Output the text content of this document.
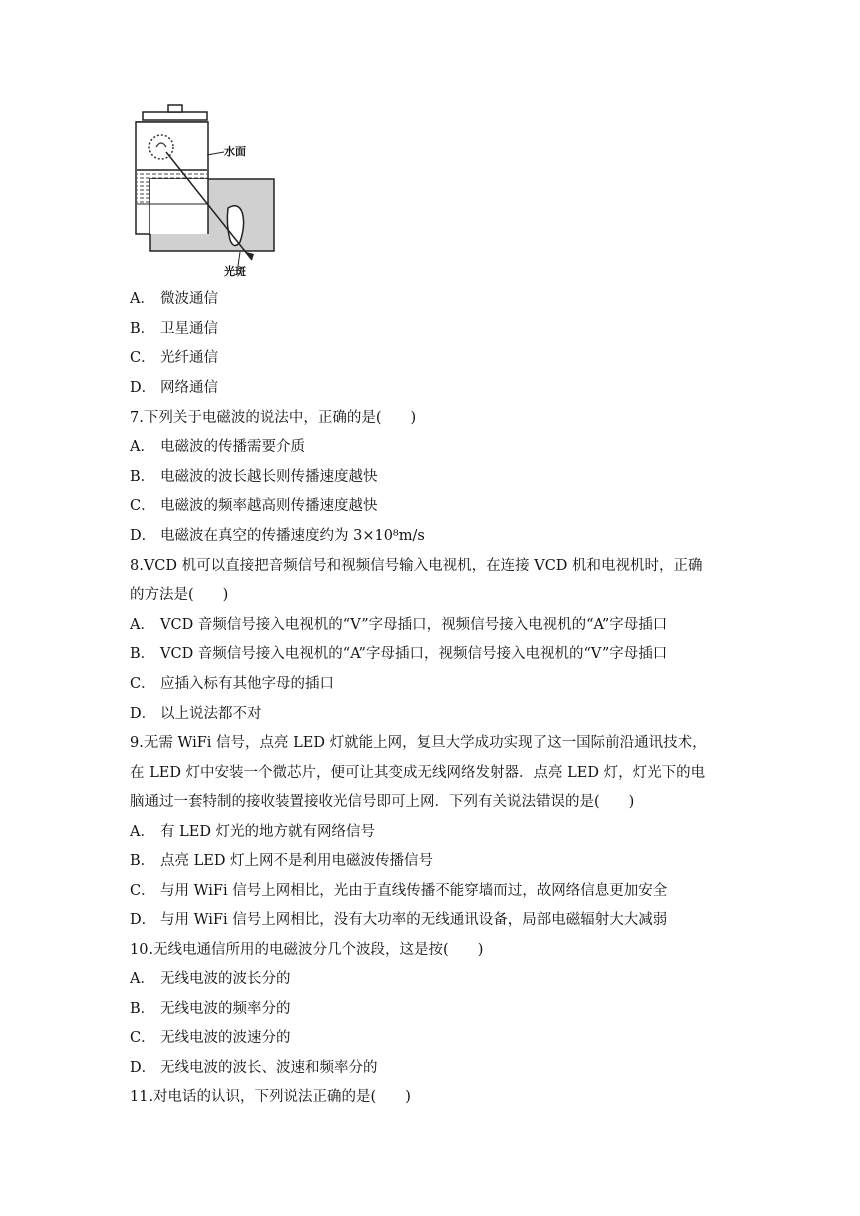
水面
光斑
A． 微波通信
B． 卫星通信
C． 光纤通信
D． 网络通信
7.下列关于电磁波的说法中，正确的是(　　)
A． 电磁波的传播需要介质
B． 电磁波的波长越长则传播速度越快
C． 电磁波的频率越高则传播速度越快
D． 电磁波在真空的传播速度约为 3×10⁸m/s
8.VCD 机可以直接把音频信号和视频信号输入电视机，在连接 VCD 机和电视机时，正确
的方法是(　　)
A． VCD 音频信号接入电视机的“V”字母插口，视频信号接入电视机的“A”字母插口
B． VCD 音频信号接入电视机的“A”字母插口，视频信号接入电视机的“V”字母插口
C． 应插入标有其他字母的插口
D． 以上说法都不对
9.无需 WiFi 信号，点亮 LED 灯就能上网，复旦大学成功实现了这一国际前沿通讯技术，
在 LED 灯中安装一个微芯片，便可让其变成无线网络发射器．点亮 LED 灯，灯光下的电
脑通过一套特制的接收装置接收光信号即可上网．下列有关说法错误的是(　　)
A． 有 LED 灯光的地方就有网络信号
B． 点亮 LED 灯上网不是利用电磁波传播信号
C． 与用 WiFi 信号上网相比，光由于直线传播不能穿墙而过，故网络信息更加安全
D． 与用 WiFi 信号上网相比，没有大功率的无线通讯设备，局部电磁辐射大大减弱
10.无线电通信所用的电磁波分几个波段，这是按(　　)
A． 无线电波的波长分的
B． 无线电波的频率分的
C． 无线电波的波速分的
D． 无线电波的波长、波速和频率分的
11.对电话的认识，下列说法正确的是(　　)
